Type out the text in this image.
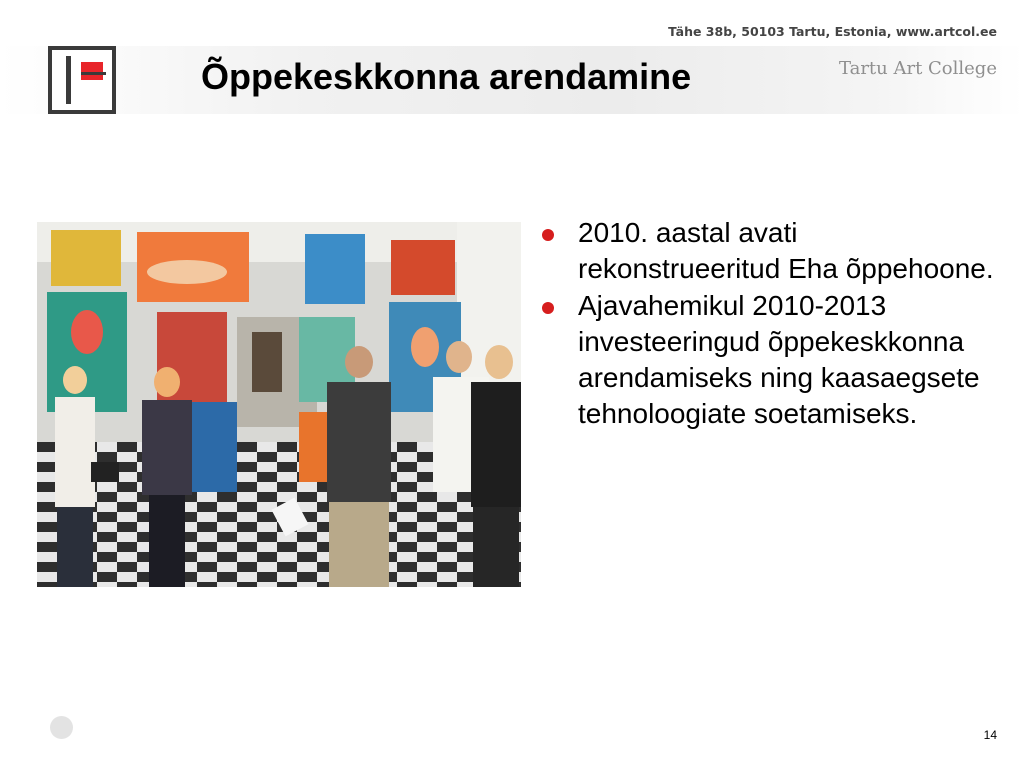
Tähe 38b, 50103 Tartu, Estonia, www.artcol.ee
Tartu Art College
Õppekeskkonna arendamine
2010. aastal avati rekonstrueeritud Eha õppehoone.
Ajavahemikul 2010-2013 investeeringud õppekeskkonna arendamiseks ning kaasaegsete tehnoloogiate soetamiseks.
14
